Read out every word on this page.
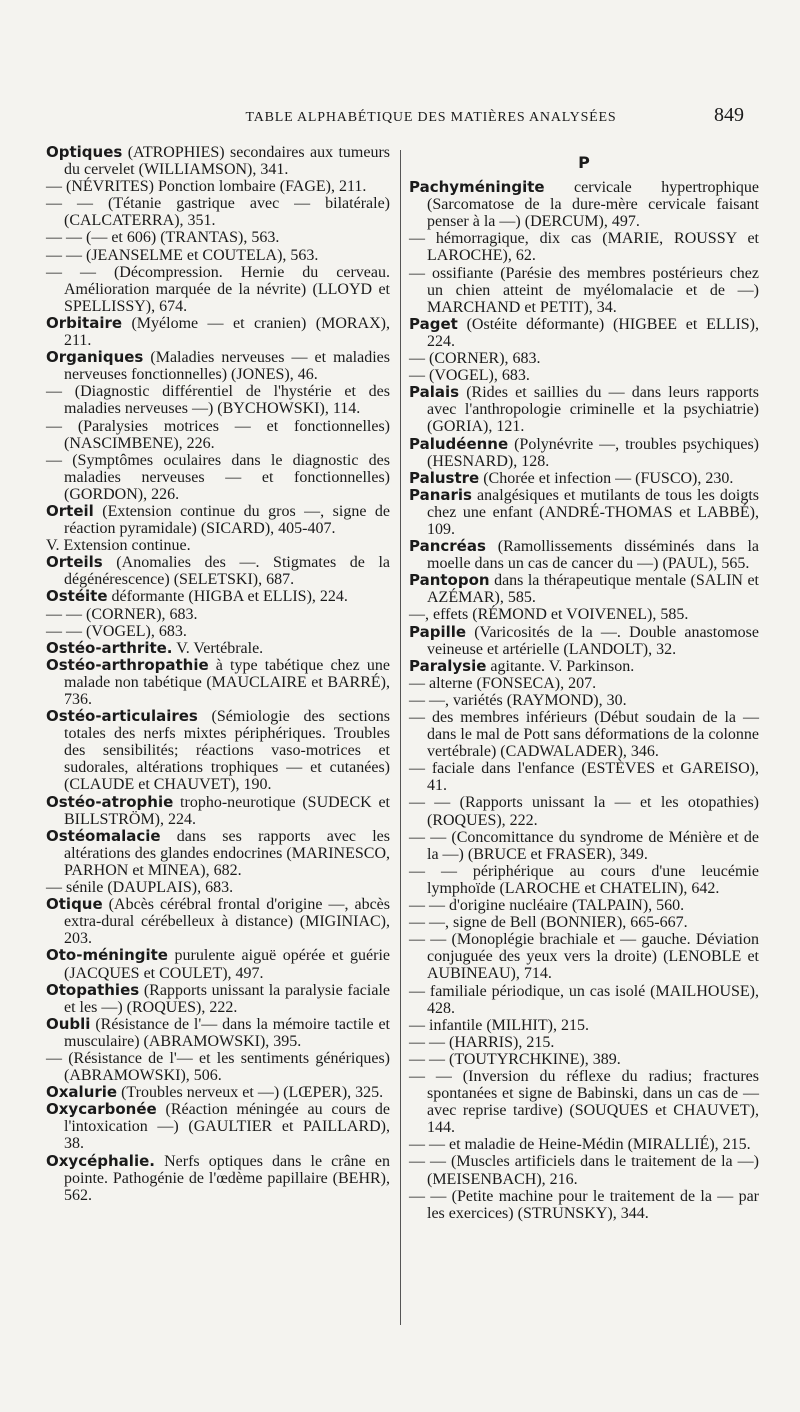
TABLE ALPHABÉTIQUE DES MATIÈRES ANALYSÉES	849

Optiques (ATROPHIES) secondaires aux tumeurs du cervelet (WILLIAMSON), 341.

— (NÉVRITES) Ponction lombaire (FAGE), 211.

— — (Tétanie gastrique avec — bilatérale) (CALCATERRA), 351.

— — (— et 606) (TRANTAS), 563.

— — (JEANSELME et COUTELA), 563.

— — (Décompression. Hernie du cerveau. Amélioration marquée de la névrite) (LLOYD et SPELLISSY), 674.

Orbitaire (Myélome — et cranien) (MORAX), 211.

Organiques (Maladies nerveuses — et maladies nerveuses fonctionnelles) (JONES), 46.

— (Diagnostic différentiel de l'hystérie et des maladies nerveuses —) (BYCHOWSKI), 114.

— (Paralysies motrices — et fonctionnelles) (NASCIMBENE), 226.

— (Symptômes oculaires dans le diagnostic des maladies nerveuses — et fonctionnelles) (GORDON), 226.

Orteil (Extension continue du gros —, signe de réaction pyramidale) (SICARD), 405-407.

V. Extension continue.

Orteils (Anomalies des —. Stigmates de la dégénérescence) (SELETSKI), 687.

Ostéite déformante (HIGBA et ELLIS), 224.

— — (CORNER), 683.

— — (VOGEL), 683.

Ostéo-arthrite. V. Vertébrale.

Ostéo-arthropathie à type tabétique chez une malade non tabétique (MAUCLAIRE et BARRÉ), 736.

Ostéo-articulaires (Sémiologie des sections totales des nerfs mixtes périphériques. Troubles des sensibilités; réactions vaso-motrices et sudorales, altérations trophiques — et cutanées) (CLAUDE et CHAUVET), 190.

Ostéo-atrophie tropho-neurotique (SUDECK et BILLSTRÖM), 224.

Ostéomalacie dans ses rapports avec les altérations des glandes endocrines (MARINESCO, PARHON et MINEA), 682.

— sénile (DAUPLAIS), 683.

Otique (Abcès cérébral frontal d'origine —, abcès extra-dural cérébelleux à distance) (MIGINIAC), 203.

Oto-méningite purulente aiguë opérée et guérie (JACQUES et COULET), 497.

Otopathies (Rapports unissant la paralysie faciale et les —) (ROQUES), 222.

Oubli (Résistance de l'— dans la mémoire tactile et musculaire) (ABRAMOWSKI), 395.

— (Résistance de l'— et les sentiments génériques) (ABRAMOWSKI), 506.

Oxalurie (Troubles nerveux et —) (LŒPER), 325.

Oxycarbonée (Réaction méningée au cours de l'intoxication —) (GAULTIER et PAILLARD), 38.

Oxycéphalie. Nerfs optiques dans le crâne en pointe. Pathogénie de l'œdème papillaire (BEHR), 562.

P

Pachyméningite cervicale hypertrophique (Sarcomatose de la dure-mère cervicale faisant penser à la —) (DERCUM), 497.

— hémorragique, dix cas (MARIE, ROUSSY et LAROCHE), 62.

— ossifiante (Parésie des membres postérieurs chez un chien atteint de myélomalacie et de —) MARCHAND et PETIT), 34.

Paget (Ostéite déformante) (HIGBEE et ELLIS), 224.

— (CORNER), 683.

— (VOGEL), 683.

Palais (Rides et saillies du — dans leurs rapports avec l'anthropologie criminelle et la psychiatrie) (GORIA), 121.

Paludéenne (Polynévrite —, troubles psychiques) (HESNARD), 128.

Palustre (Chorée et infection — (FUSCO), 230.

Panaris analgésiques et mutilants de tous les doigts chez une enfant (ANDRÉ-THOMAS et LABBÉ), 109.

Pancréas (Ramollissements disséminés dans la moelle dans un cas de cancer du —) (PAUL), 565.

Pantopon dans la thérapeutique mentale (SALIN et AZÉMAR), 585.

—, effets (RÉMOND et VOIVENEL), 585.

Papille (Varicosités de la —. Double anastomose veineuse et artérielle (LANDOLT), 32.

Paralysie agitante. V. Parkinson.

— alterne (FONSECA), 207.

— —, variétés (RAYMOND), 30.

— des membres inférieurs (Début soudain de la — dans le mal de Pott sans déformations de la colonne vertébrale) (CADWALADER), 346.

— faciale dans l'enfance (ESTÈVES et GAREISO), 41.

— — (Rapports unissant la — et les otopathies) (ROQUES), 222.

— — (Concomittance du syndrome de Ménière et de la —) (BRUCE et FRASER), 349.

— — périphérique au cours d'une leucémie lymphoïde (LAROCHE et CHATELIN), 642.

— — d'origine nucléaire (TALPAIN), 560.

— —, signe de Bell (BONNIER), 665-667.

— — (Monoplégie brachiale et — gauche. Déviation conjuguée des yeux vers la droite) (LENOBLE et AUBINEAU), 714.

— familiale périodique, un cas isolé (MAILHOUSE), 428.

— infantile (MILHIT), 215.

— — (HARRIS), 215.

— — (TOUTYRCHKINE), 389.

— — (Inversion du réflexe du radius; fractures spontanées et signe de Babinski, dans un cas de — avec reprise tardive) (SOUQUES et CHAUVET), 144.

— — et maladie de Heine-Médin (MIRALLIÉ), 215.

— — (Muscles artificiels dans le traitement de la —) (MEISENBACH), 216.

— — (Petite machine pour le traitement de la — par les exercices) (STRUNSKY), 344.
